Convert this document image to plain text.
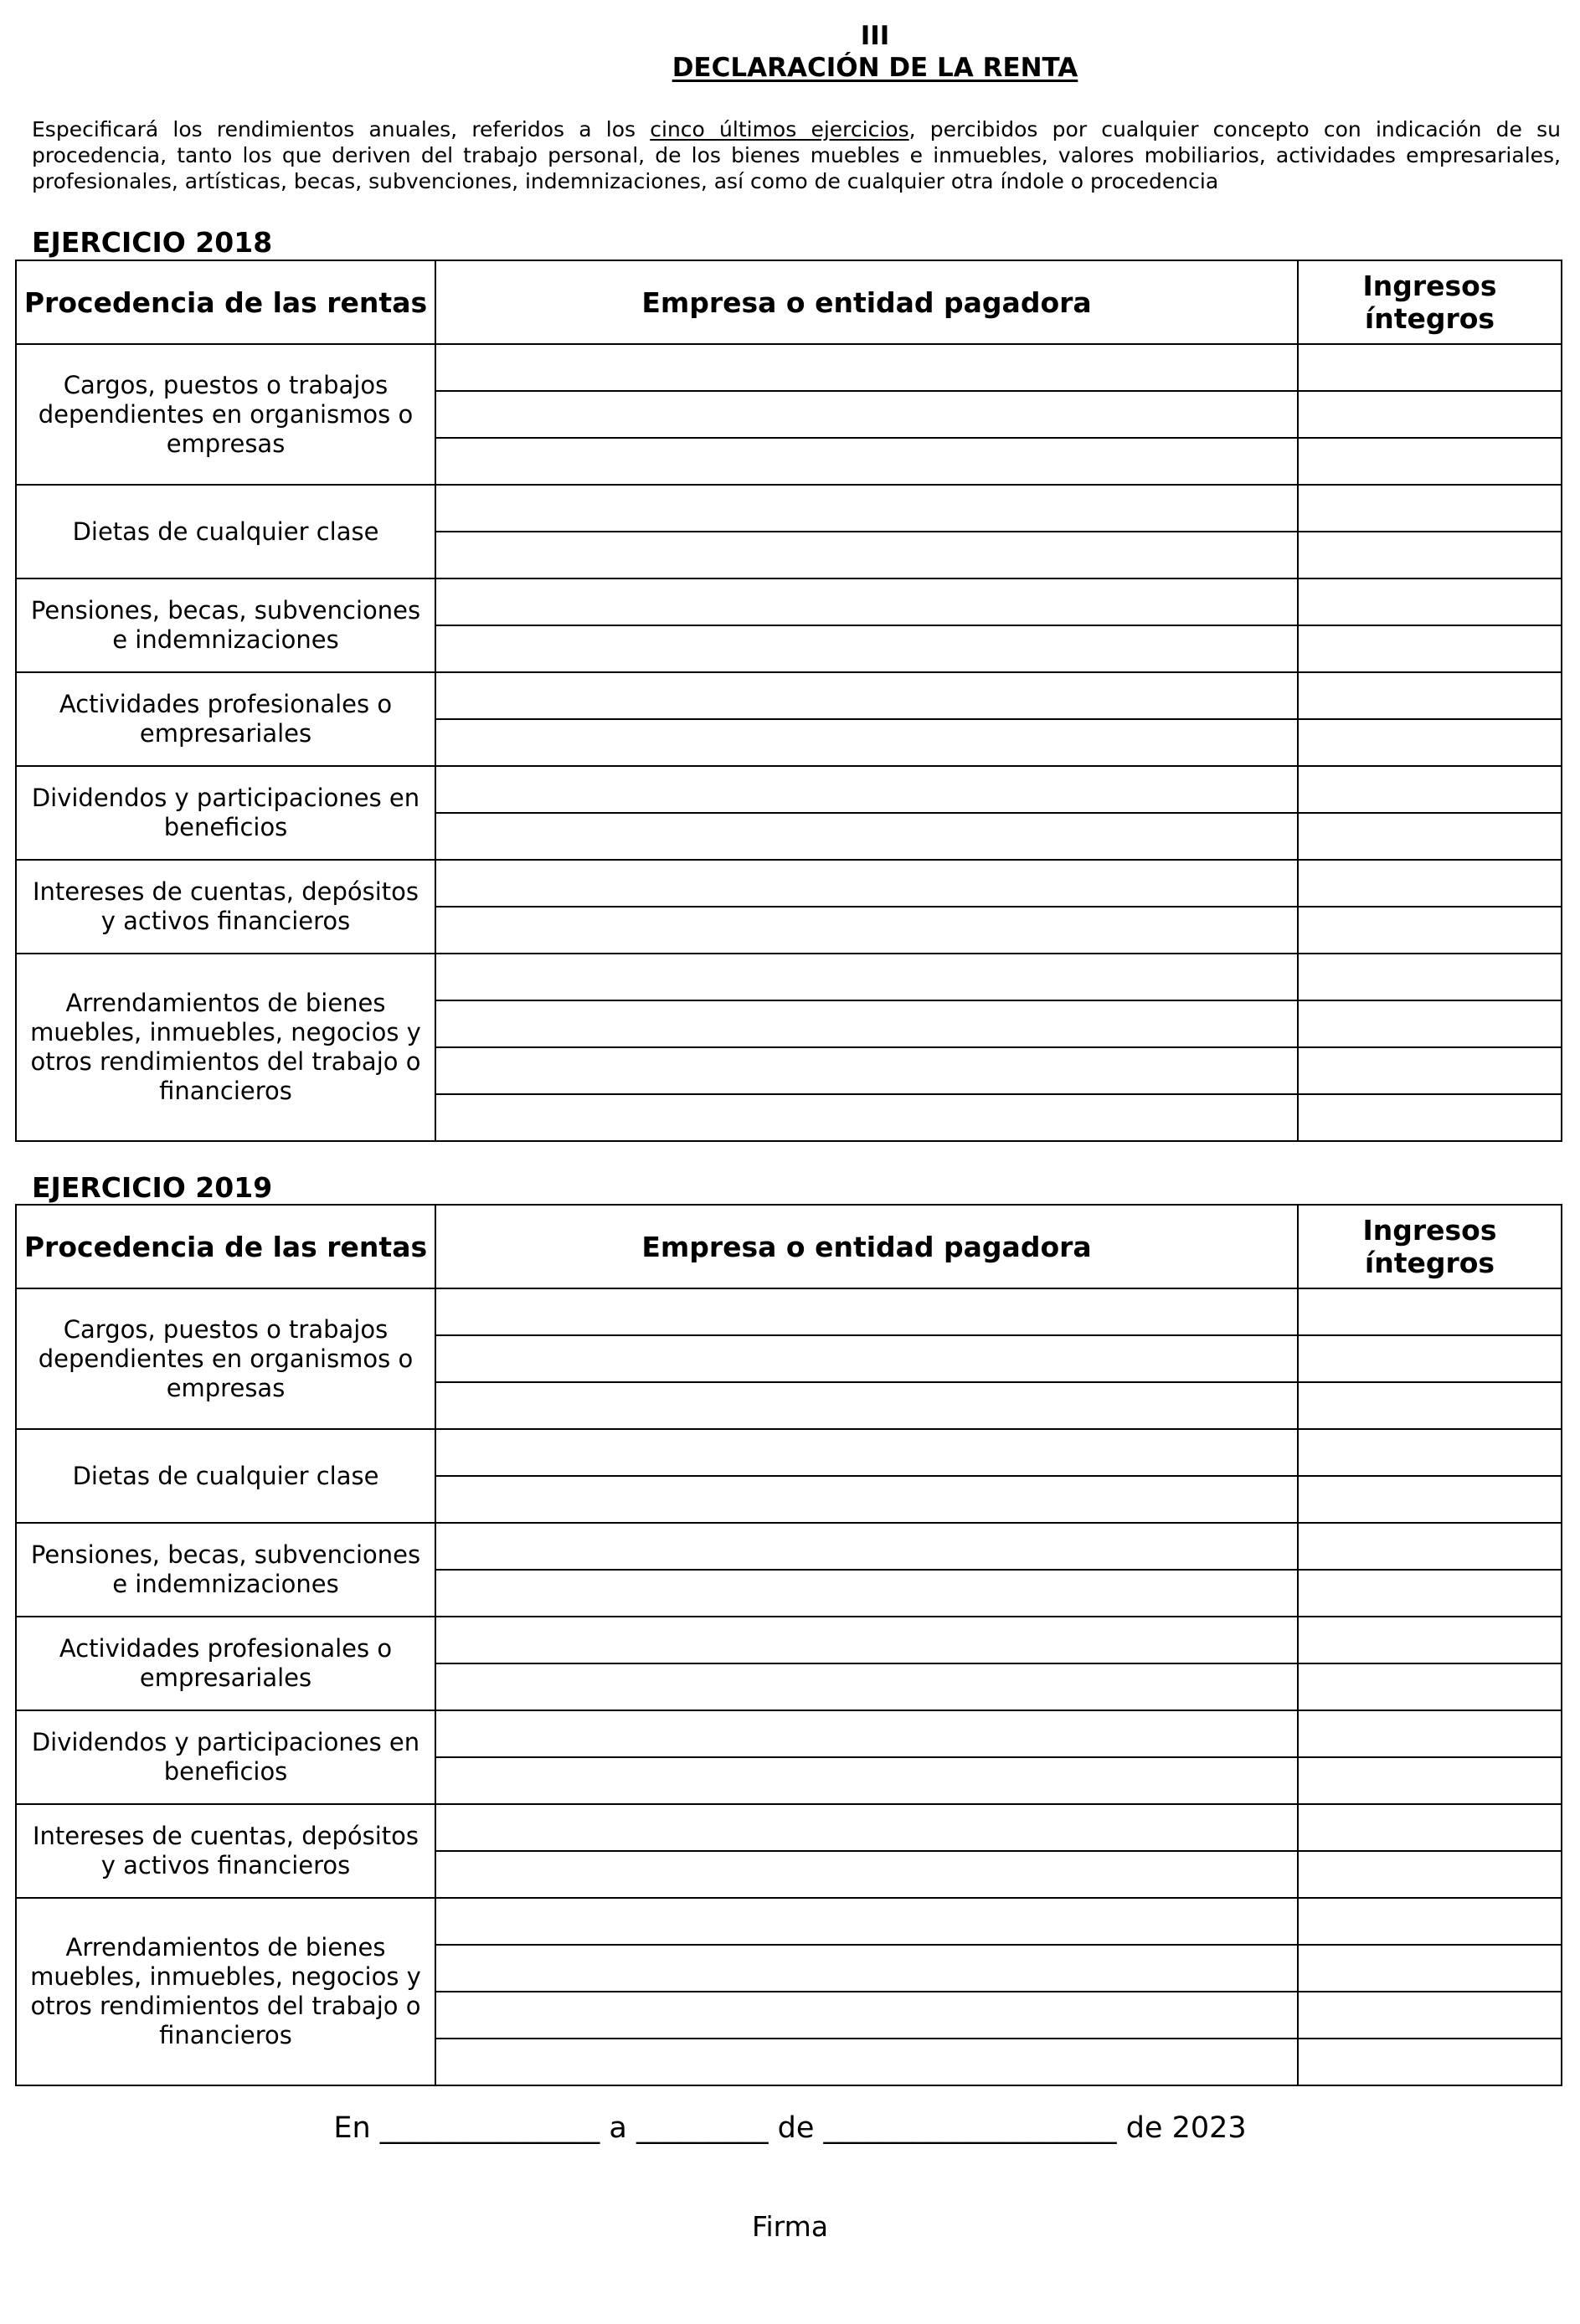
III
DECLARACIÓN DE LA RENTA
Especificará los rendimientos anuales, referidos a los cinco últimos ejercicios, percibidos por cualquier concepto con indicación de su procedencia, tanto los que deriven del trabajo personal, de los bienes muebles e inmuebles, valores mobiliarios, actividades empresariales, profesionales, artísticas, becas, subvenciones, indemnizaciones, así como de cualquier otra índole o procedencia
EJERCICIO 2018
Procedencia de las rentas	Empresa o entidad pagadora	Ingresos íntegros
Cargos, puestos o trabajos dependientes en organismos o empresas		

Dietas de cualquier clase		

Pensiones, becas, subvenciones e indemnizaciones		

Actividades profesionales o empresariales		

Dividendos y participaciones en beneficios		

Intereses de cuentas, depósitos y activos financieros		

Arrendamientos de bienes muebles, inmuebles, negocios y otros rendimientos del trabajo o financieros		

EJERCICIO 2019
Procedencia de las rentas	Empresa o entidad pagadora	Ingresos íntegros
Cargos, puestos o trabajos dependientes en organismos o empresas		

Dietas de cualquier clase		

Pensiones, becas, subvenciones e indemnizaciones		

Actividades profesionales o empresariales		

Dividendos y participaciones en beneficios		

Intereses de cuentas, depósitos y activos financieros		

Arrendamientos de bienes muebles, inmuebles, negocios y otros rendimientos del trabajo o financieros		

En _______________ a _________ de ____________________ de 2023
Firma
